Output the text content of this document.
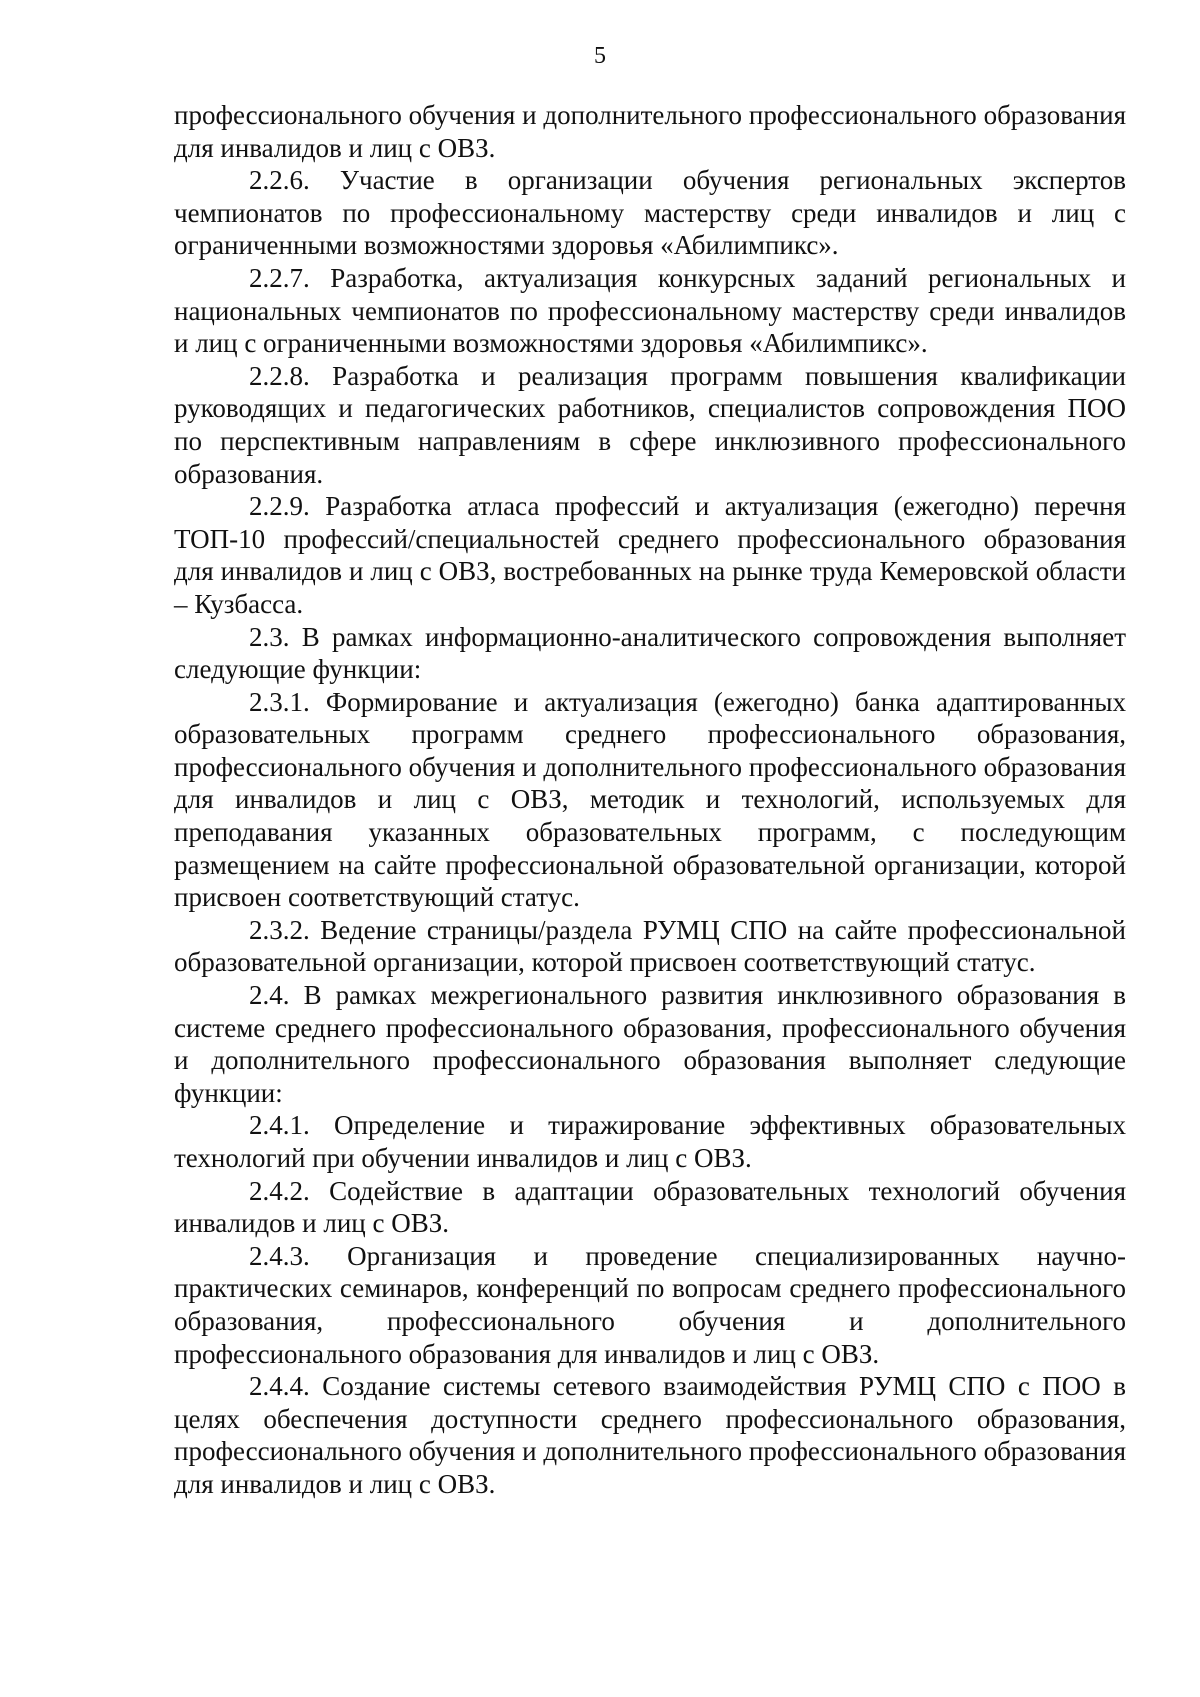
5

профессионального обучения и дополнительного профессионального образования для инвалидов и лиц с ОВЗ.

2.2.6. Участие в организации обучения региональных экспертов чемпионатов по профессиональному мастерству среди инвалидов и лиц с ограниченными возможностями здоровья «Абилимпикс».

2.2.7. Разработка, актуализация конкурсных заданий региональных и национальных чемпионатов по профессиональному мастерству среди инвалидов и лиц с ограниченными возможностями здоровья «Абилимпикс».

2.2.8. Разработка и реализация программ повышения квалификации руководящих и педагогических работников, специалистов сопровождения ПОО по перспективным направлениям в сфере инклюзивного профессионального образования.

2.2.9. Разработка атласа профессий и актуализация (ежегодно) перечня ТОП-10 профессий/специальностей среднего профессионального образования для инвалидов и лиц с ОВЗ, востребованных на рынке труда Кемеровской области – Кузбасса.

2.3. В рамках информационно-аналитического сопровождения выполняет следующие функции:

2.3.1. Формирование и актуализация (ежегодно) банка адаптированных образовательных программ среднего профессионального образования, профессионального обучения и дополнительного профессионального образования для инвалидов и лиц с ОВЗ, методик и технологий, используемых для преподавания указанных образовательных программ, с последующим размещением на сайте профессиональной образовательной организации, которой присвоен соответствующий статус.

2.3.2. Ведение страницы/раздела РУМЦ СПО на сайте профессиональной образовательной организации, которой присвоен соответствующий статус.

2.4. В рамках межрегионального развития инклюзивного образования в системе среднего профессионального образования, профессионального обучения и дополнительного профессионального образования выполняет следующие функции:

2.4.1. Определение и тиражирование эффективных образовательных технологий при обучении инвалидов и лиц с ОВЗ.

2.4.2. Содействие в адаптации образовательных технологий обучения инвалидов и лиц с ОВЗ.

2.4.3. Организация и проведение специализированных научно-практических семинаров, конференций по вопросам среднего профессионального образования, профессионального обучения и дополнительного профессионального образования для инвалидов и лиц с ОВЗ.

2.4.4. Создание системы сетевого взаимодействия РУМЦ СПО с ПОО в целях обеспечения доступности среднего профессионального образования, профессионального обучения и дополнительного профессионального образования для инвалидов и лиц с ОВЗ.
